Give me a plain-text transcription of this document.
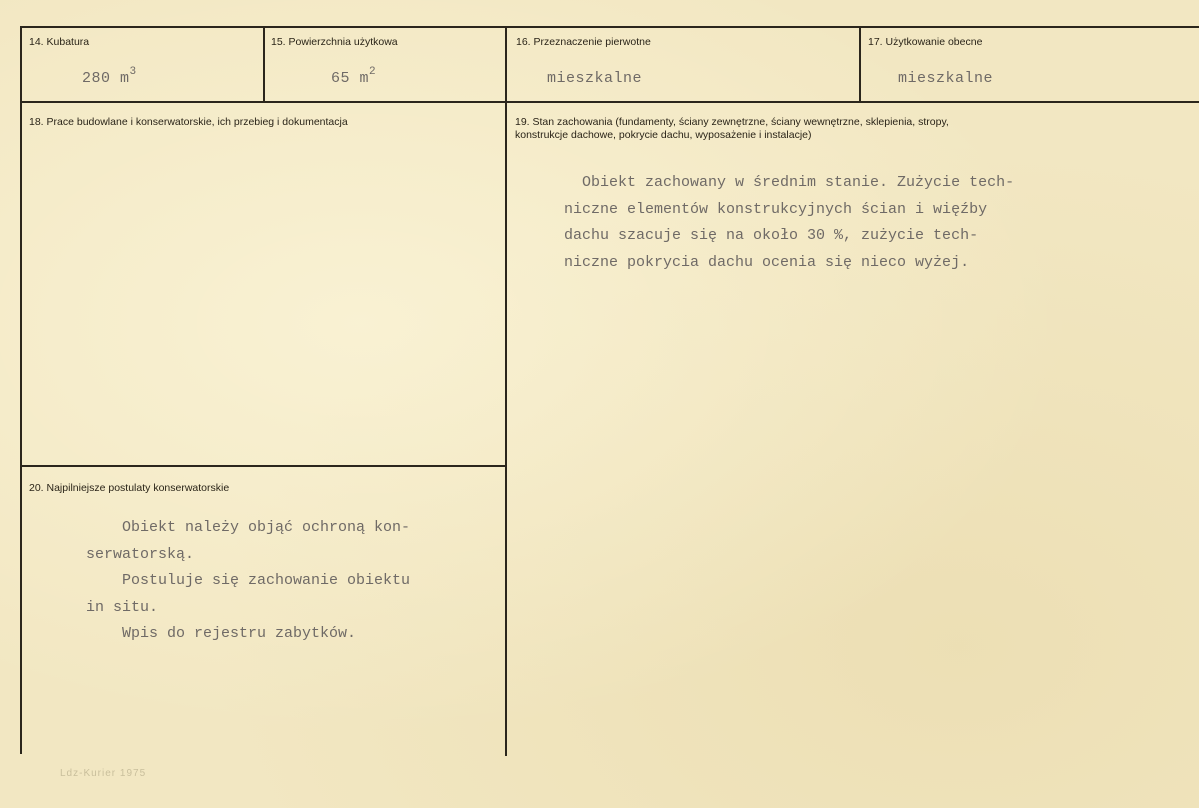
14. Kubatura
280 $m^3$
15. Powierzchnia użytkowa
65 $m^2$
16. Przeznaczenie pierwotne
mieszkalne
17. Użytkowanie obecne
mieszkalne
18. Prace budowlane i konserwatorskie, ich przebieg i dokumentacja	19. Stan zachowania (fundamenty, ściany zewnętrzne, ściany wewnętrzne, sklepienia, stropy,
konstrukcje dachowe, pokrycie dachu, wyposażenie i instalacje)
Obiekt zachowany w średnim stanie. Zużycie tech-
niczne elementów konstrukcyjnych ścian i więźby
dachu szacuje się na około 30 %, zużycie tech-
niczne pokrycia dachu ocenia się nieco wyżej.
20. Najpilniejsze postulaty konserwatorskie
Obiekt należy objąć ochroną kon-
serwatorską.
Postuluje się zachowanie obiektu
in situ.
Wpis do rejestru zabytków.
Ldz-Kurier 1975
